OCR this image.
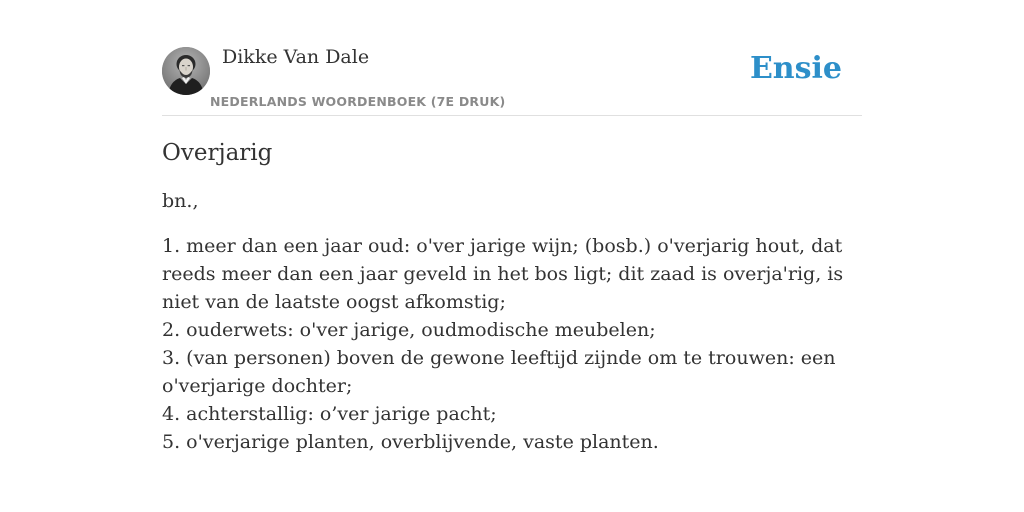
Dikke Van Dale
NEDERLANDS WOORDENBOEK (7E DRUK)
Ensie
Overjarig
bn.,
1. meer dan een jaar oud: o'ver jarige wijn; (bosb.) o'verjarig hout, dat reeds meer dan een jaar geveld in het bos ligt; dit zaad is overja'rig, is niet van de laatste oogst afkomstig;
2. ouderwets: o'ver jarige, oudmodische meubelen;
3. (van personen) boven de gewone leeftijd zijnde om te trouwen: een o'verjarige dochter;
4. achterstallig: o’ver jarige pacht;
5. o'verjarige planten, overblijvende, vaste planten.
